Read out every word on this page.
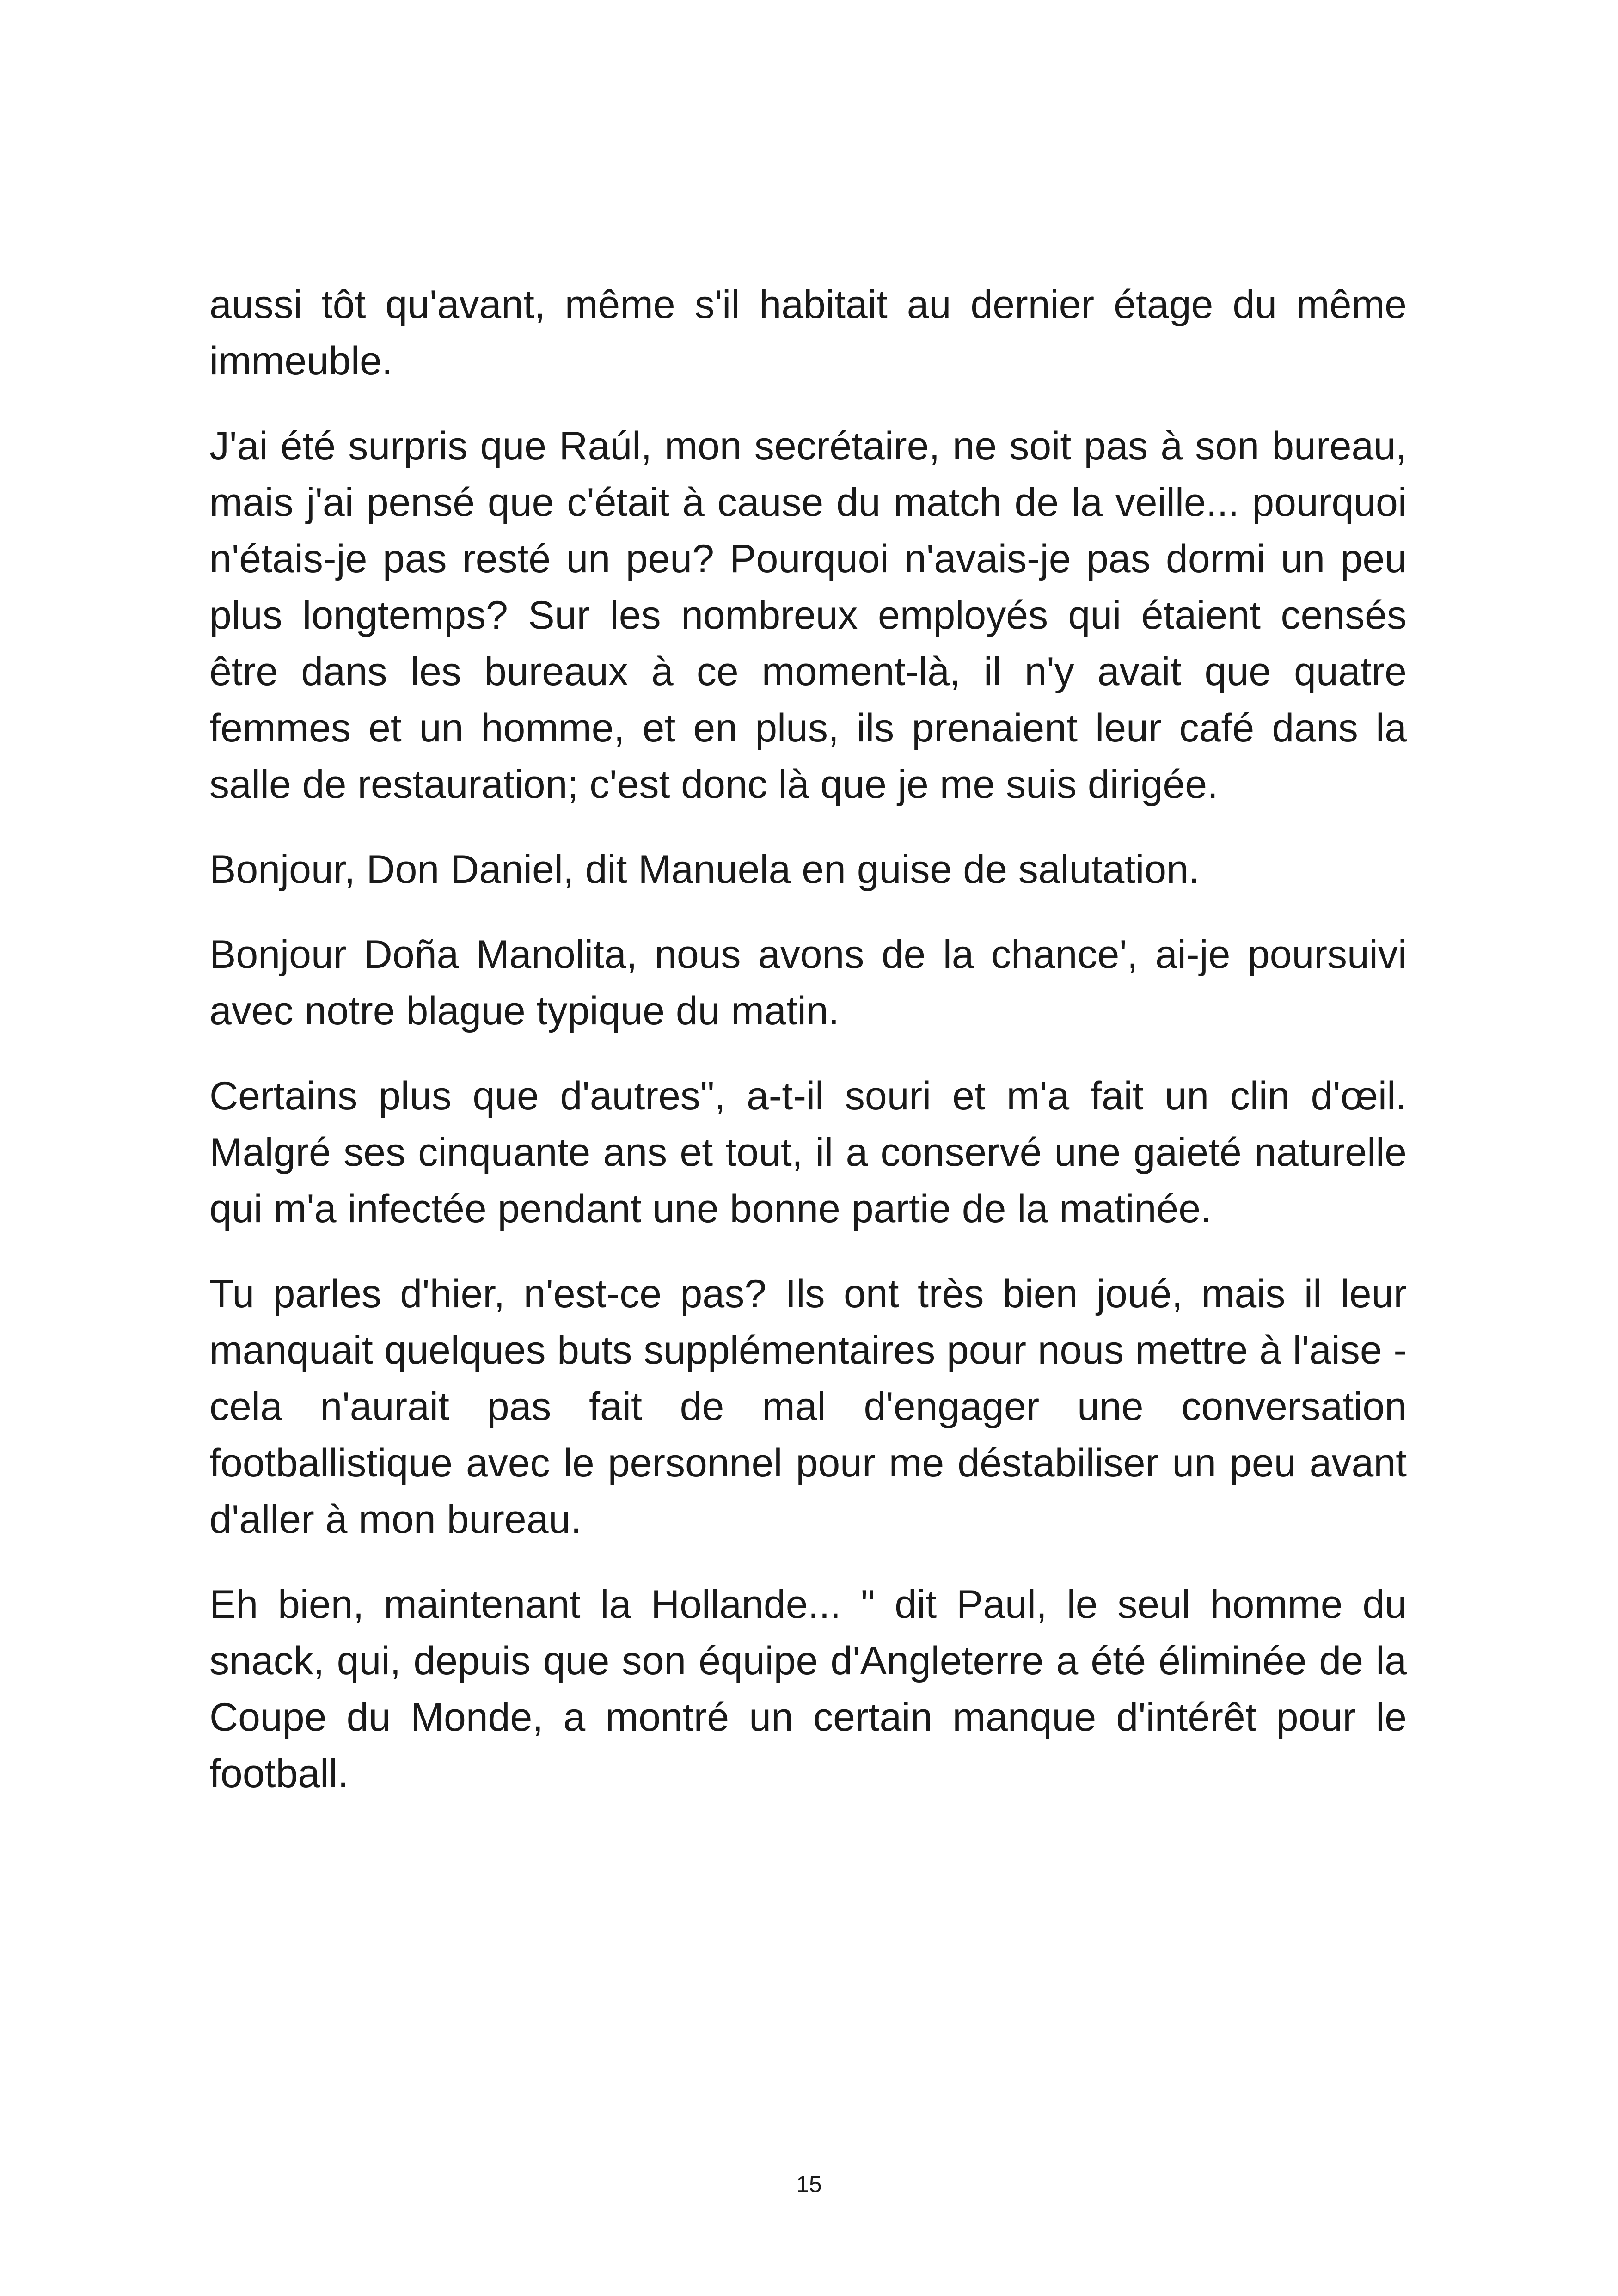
aussi tôt qu'avant, même s'il habitait au dernier étage du même immeuble.

J'ai été surpris que Raúl, mon secrétaire, ne soit pas à son bureau, mais j'ai pensé que c'était à cause du match de la veille... pourquoi n'étais-je pas resté un peu? Pourquoi n'avais-je pas dormi un peu plus longtemps? Sur les nombreux employés qui étaient censés être dans les bureaux à ce moment-là, il n'y avait que quatre femmes et un homme, et en plus, ils prenaient leur café dans la salle de restauration; c'est donc là que je me suis dirigée.

Bonjour, Don Daniel, dit Manuela en guise de salutation.

Bonjour Doña Manolita, nous avons de la chance', ai-je poursuivi avec notre blague typique du matin.

Certains plus que d'autres", a-t-il souri et m'a fait un clin d'œil. Malgré ses cinquante ans et tout, il a conservé une gaieté naturelle qui m'a infectée pendant une bonne partie de la matinée.

Tu parles d'hier, n'est-ce pas? Ils ont très bien joué, mais il leur manquait quelques buts supplémentaires pour nous mettre à l'aise - cela n'aurait pas fait de mal d'engager une conversation footballistique avec le personnel pour me déstabiliser un peu avant d'aller à mon bureau.

Eh bien, maintenant la Hollande... " dit Paul, le seul homme du snack, qui, depuis que son équipe d'Angleterre a été éliminée de la Coupe du Monde, a montré un certain manque d'intérêt pour le football.

15
